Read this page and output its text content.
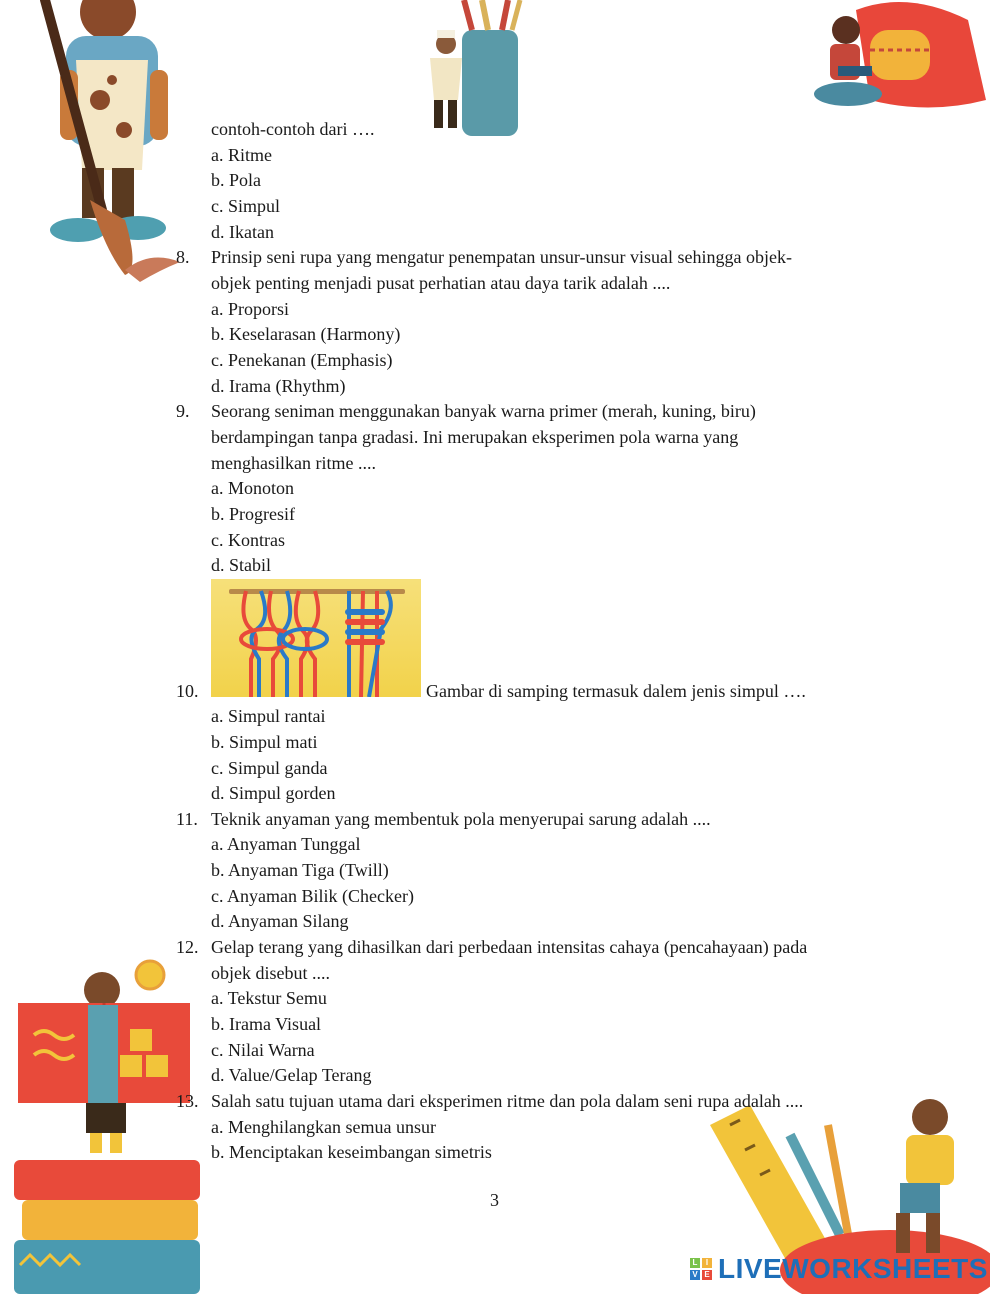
contoh-contoh dari ….
a. Ritme
b. Pola
c. Simpul
d. Ikatan
8. Prinsip seni rupa yang mengatur penempatan unsur-unsur visual sehingga objek-
objek penting menjadi pusat perhatian atau daya tarik adalah ....
a. Proporsi
b. Keselarasan (Harmony)
c. Penekanan (Emphasis)
d. Irama (Rhythm)
9. Seorang seniman menggunakan banyak warna primer (merah, kuning, biru)
berdampingan tanpa gradasi. Ini merupakan eksperimen pola warna yang
menghasilkan ritme ....
a. Monoton
b. Progresif
c. Kontras
d. Stabil
10.	Gambar di samping termasuk dalem jenis simpul ….
a. Simpul rantai
b. Simpul mati
c. Simpul ganda
d. Simpul gorden
11. Teknik anyaman yang membentuk pola menyerupai sarung adalah ....
a. Anyaman Tunggal
b. Anyaman Tiga (Twill)
c. Anyaman Bilik (Checker)
d. Anyaman Silang
12. Gelap terang yang dihasilkan dari perbedaan intensitas cahaya (pencahayaan) pada
objek disebut ....
a. Tekstur Semu
b. Irama Visual
c. Nilai Warna
d. Value/Gelap Terang
13. Salah satu tujuan utama dari eksperimen ritme dan pola dalam seni rupa adalah ....
a. Menghilangkan semua unsur
b. Menciptakan keseimbangan simetris
3
L	I
V E LIVEWORKSHEETS
